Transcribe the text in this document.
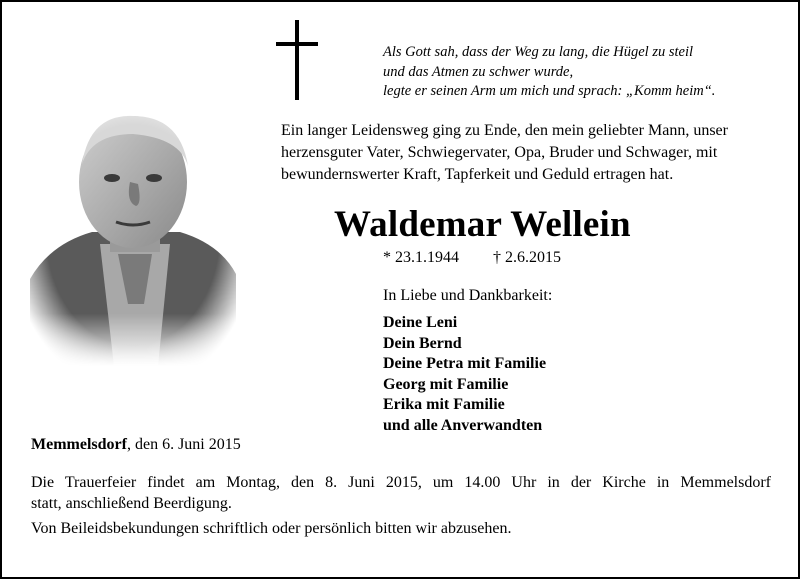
Als Gott sah, dass der Weg zu lang, die Hügel zu steil
und das Atmen zu schwer wurde,
legte er seinen Arm um mich und sprach: „Komm heim“.
Ein langer Leidensweg ging zu Ende, den mein geliebter Mann, unser
herzensguter Vater, Schwiegervater, Opa, Bruder und Schwager, mit
bewundernswerter Kraft, Tapferkeit und Geduld ertragen hat.
Waldemar Wellein
* 23.1.1944 † 2.6.2015
In Liebe und Dankbarkeit:
Deine Leni
Dein Bernd
Deine Petra mit Familie
Georg mit Familie
Erika mit Familie
und alle Anverwandten
Memmelsdorf, den 6. Juni 2015
Die Trauerfeier findet am Montag, den 8. Juni 2015, um 14.00 Uhr in der Kirche in Memmelsdorf
statt, anschließend Beerdigung.
Von Beileidsbekundungen schriftlich oder persönlich bitten wir abzusehen.
